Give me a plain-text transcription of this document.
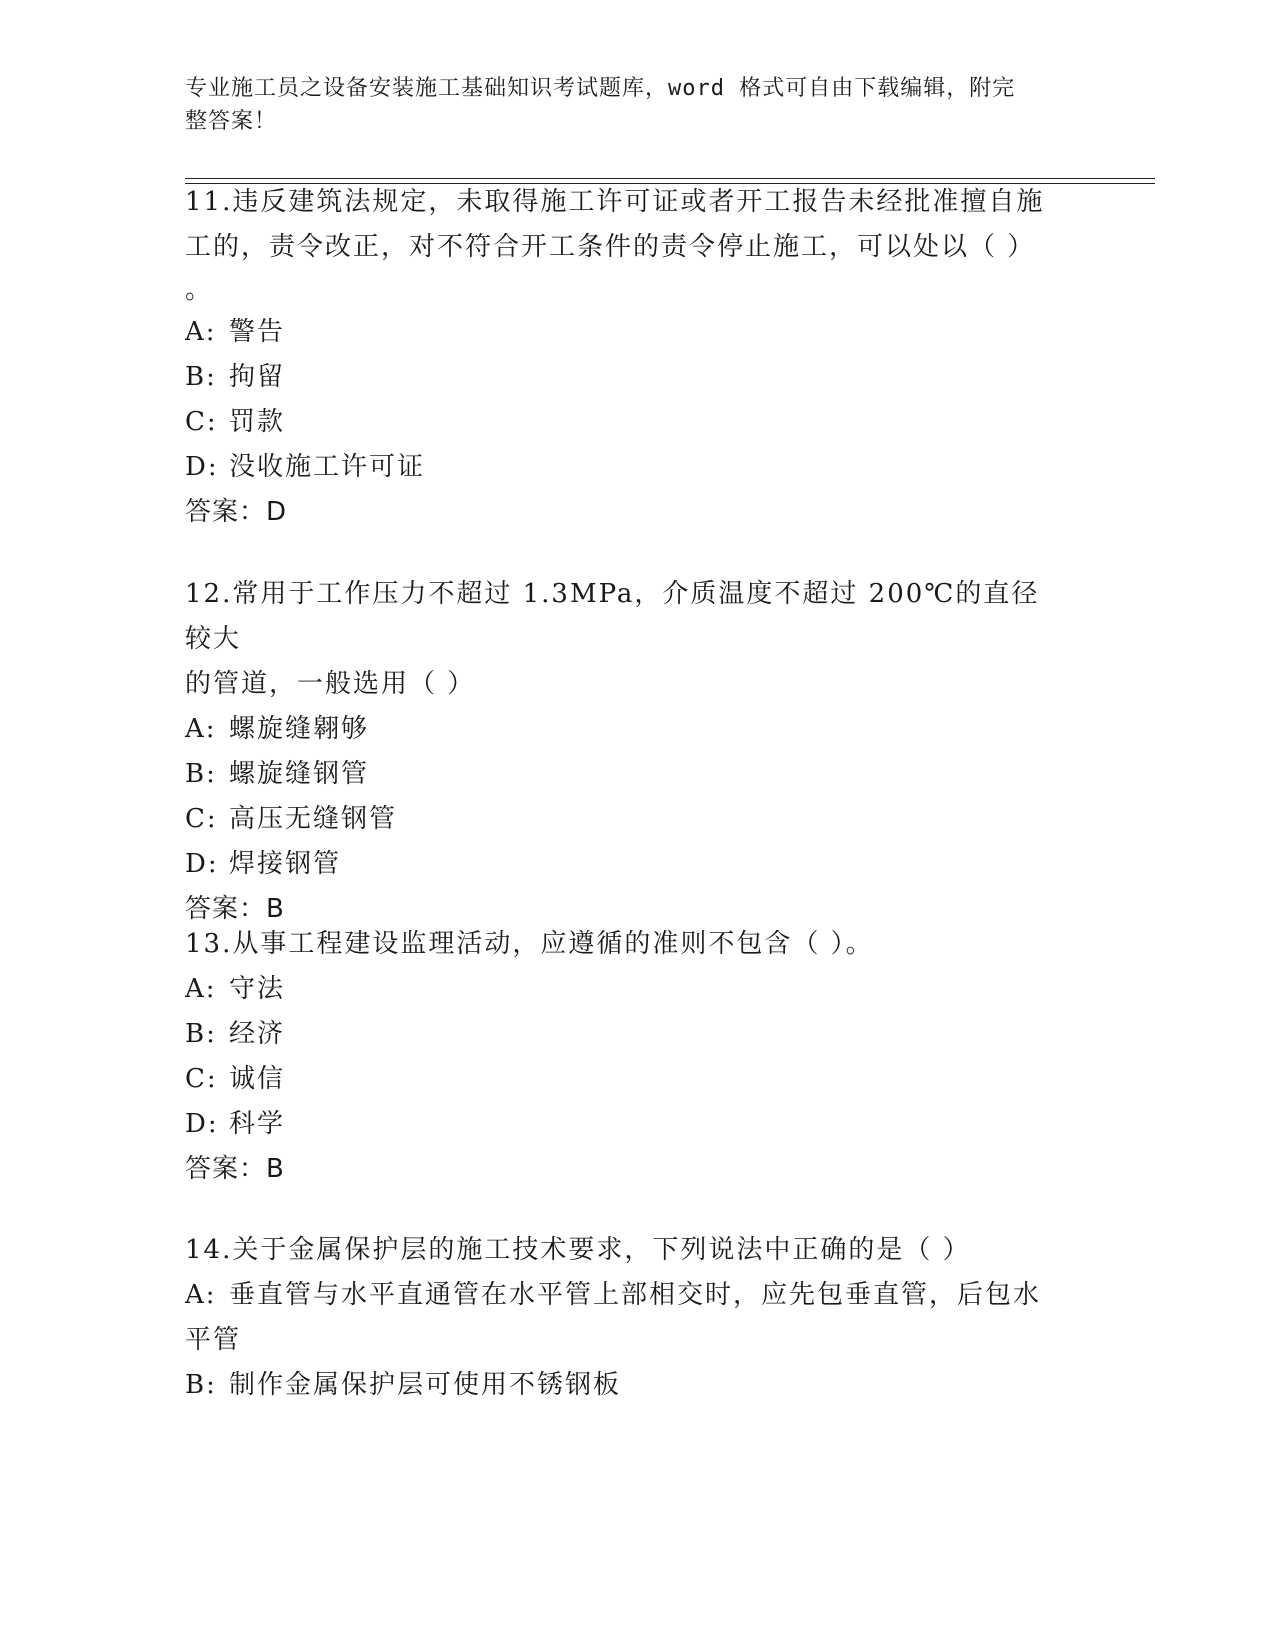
专业施工员之设备安装施工基础知识考试题库，word 格式可自由下载编辑，附完
整答案！

11.违反建筑法规定，未取得施工许可证或者开工报告未经批准擅自施

工的，责令改正，对不符合开工条件的责令停止施工，可以处以（ ）

。

A: 警告
B: 拘留
C: 罚款
D: 没收施工许可证

答案：D

12.常用于工作压力不超过 1.3MPa，介质温度不超过 200℃的直径较大

的管道，一般选用（ ）

A: 螺旋缝翱够
B: 螺旋缝钢管
C: 高压无缝钢管
D: 焊接钢管

答案：B

13.从事工程建设监理活动，应遵循的准则不包含（ ）。

A: 守法
B: 经济
C: 诚信
D: 科学

答案：B

14.关于金属保护层的施工技术要求，下列说法中正确的是（ ）

A: 垂直管与水平直通管在水平管上部相交时，应先包垂直管，后包水

平管

B: 制作金属保护层可使用不锈钢板
